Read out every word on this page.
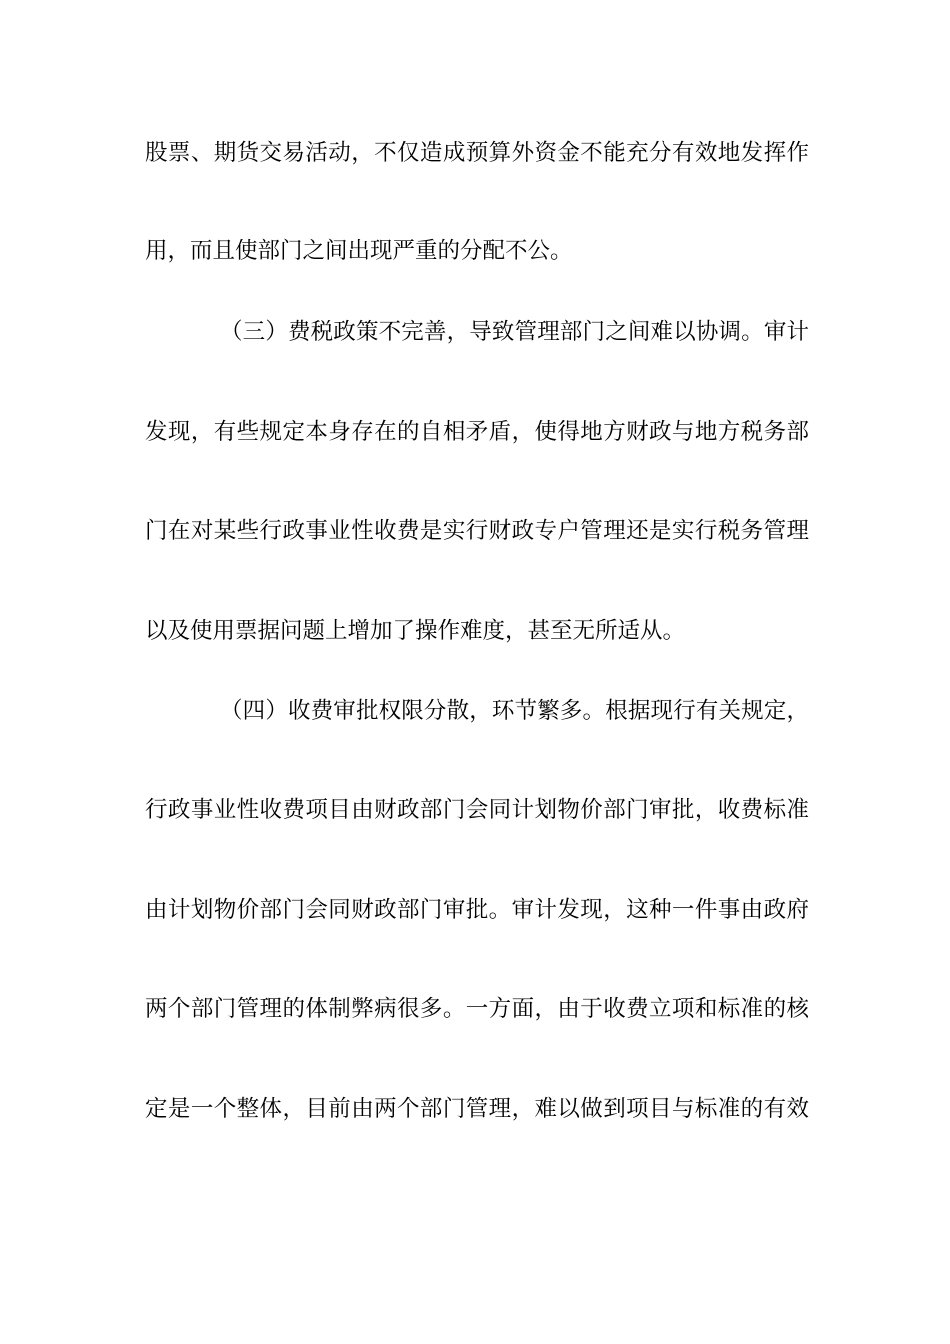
股票、期货交易活动，不仅造成预算外资金不能充分有效地发挥作
用，而且使部门之间出现严重的分配不公。
（三）费税政策不完善，导致管理部门之间难以协调。审计
发现，有些规定本身存在的自相矛盾，使得地方财政与地方税务部
门在对某些行政事业性收费是实行财政专户管理还是实行税务管理
以及使用票据问题上增加了操作难度，甚至无所适从。
（四）收费审批权限分散，环节繁多。根据现行有关规定，
行政事业性收费项目由财政部门会同计划物价部门审批，收费标准
由计划物价部门会同财政部门审批。审计发现，这种一件事由政府
两个部门管理的体制弊病很多。一方面，由于收费立项和标准的核
定是一个整体，目前由两个部门管理，难以做到项目与标准的有效
